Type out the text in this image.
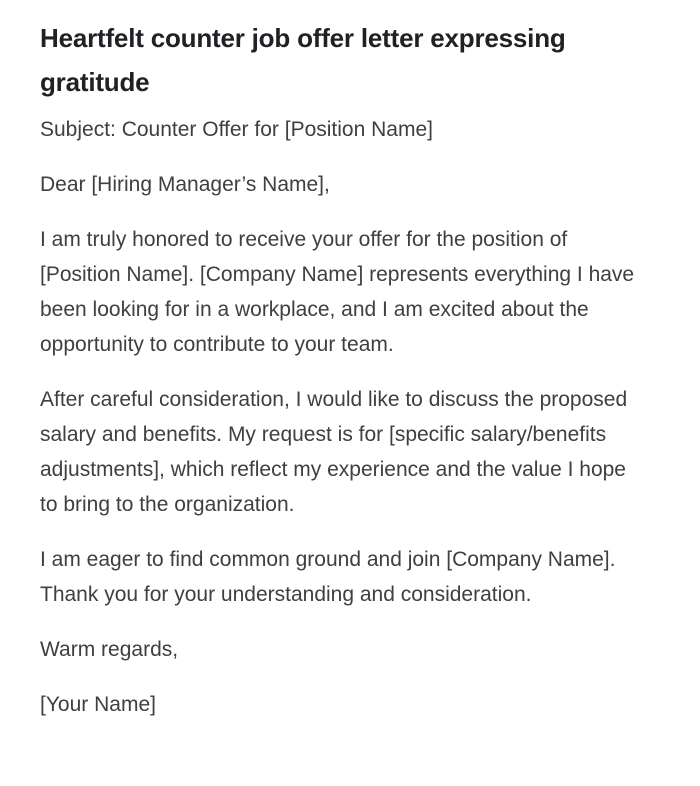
Heartfelt counter job offer letter expressing gratitude

Subject: Counter Offer for [Position Name]

Dear [Hiring Manager’s Name],

I am truly honored to receive your offer for the position of [Position Name]. [Company Name] represents everything I have been looking for in a workplace, and I am excited about the opportunity to contribute to your team.

After careful consideration, I would like to discuss the proposed salary and benefits. My request is for [specific salary/benefits adjustments], which reflect my experience and the value I hope to bring to the organization.

I am eager to find common ground and join [Company Name]. Thank you for your understanding and consideration.

Warm regards,

[Your Name]
